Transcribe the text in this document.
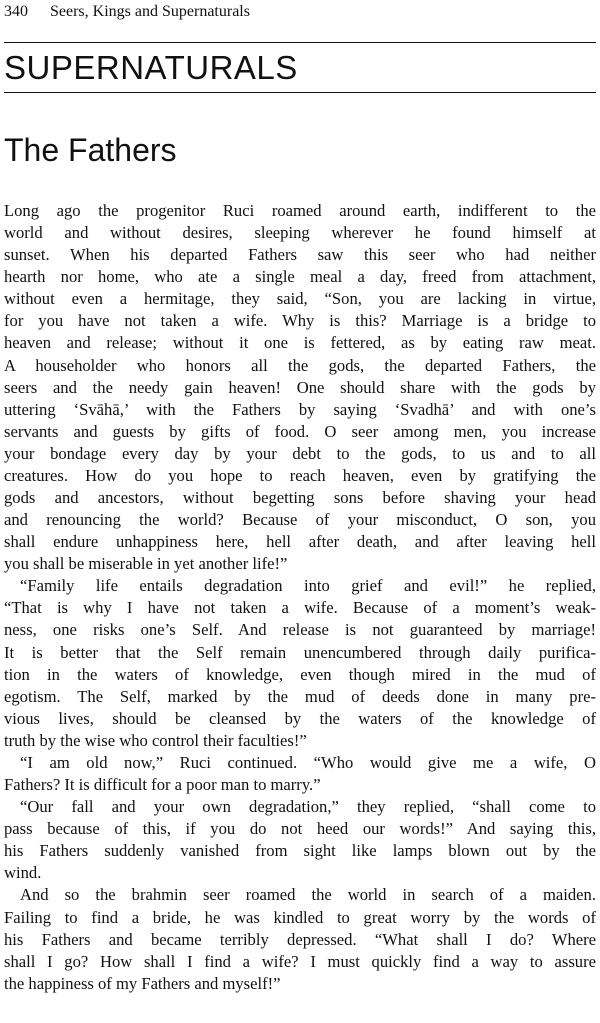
340 Seers, Kings and Supernaturals
SUPERNATURALS
The Fathers
Long ago the progenitor Ruci roamed around earth, indifferent to the
world and without desires, sleeping wherever he found himself at
sunset. When his departed Fathers saw this seer who had neither
hearth nor home, who ate a single meal a day, freed from attachment,
without even a hermitage, they said, “Son, you are lacking in virtue,
for you have not taken a wife. Why is this? Marriage is a bridge to
heaven and release; without it one is fettered, as by eating raw meat.
A householder who honors all the gods, the departed Fathers, the
seers and the needy gain heaven! One should share with the gods by
uttering ‘Svāhā,’ with the Fathers by saying ‘Svadhā’ and with one’s
servants and guests by gifts of food. O seer among men, you increase
your bondage every day by your debt to the gods, to us and to all
creatures. How do you hope to reach heaven, even by gratifying the
gods and ancestors, without begetting sons before shaving your head
and renouncing the world? Because of your misconduct, O son, you
shall endure unhappiness here, hell after death, and after leaving hell
you shall be miserable in yet another life!”
“Family life entails degradation into grief and evil!” he replied,
“That is why I have not taken a wife. Because of a moment’s weak-
ness, one risks one’s Self. And release is not guaranteed by marriage!
It is better that the Self remain unencumbered through daily purifica-
tion in the waters of knowledge, even though mired in the mud of
egotism. The Self, marked by the mud of deeds done in many pre-
vious lives, should be cleansed by the waters of the knowledge of
truth by the wise who control their faculties!”
“I am old now,” Ruci continued. “Who would give me a wife, O
Fathers? It is difficult for a poor man to marry.”
“Our fall and your own degradation,” they replied, “shall come to
pass because of this, if you do not heed our words!” And saying this,
his Fathers suddenly vanished from sight like lamps blown out by the
wind.
And so the brahmin seer roamed the world in search of a maiden.
Failing to find a bride, he was kindled to great worry by the words of
his Fathers and became terribly depressed. “What shall I do? Where
shall I go? How shall I find a wife? I must quickly find a way to assure
the happiness of my Fathers and myself!”
